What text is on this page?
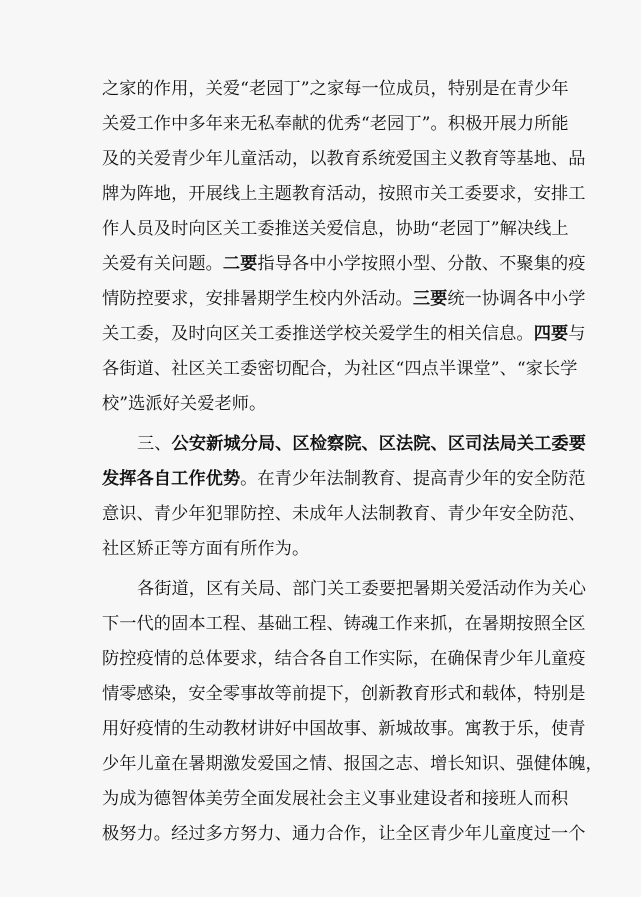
之家的作用，关爱“老园丁”之家每一位成员，特别是在青少年
关爱工作中多年来无私奉献的优秀“老园丁”。积极开展力所能
及的关爱青少年儿童活动，以教育系统爱国主义教育等基地、品
牌为阵地，开展线上主题教育活动，按照市关工委要求，安排工
作人员及时向区关工委推送关爱信息，协助“老园丁”解决线上
关爱有关问题。二要指导各中小学按照小型、分散、不聚集的疫
情防控要求，安排暑期学生校内外活动。三要统一协调各中小学
关工委，及时向区关工委推送学校关爱学生的相关信息。四要与
各街道、社区关工委密切配合，为社区“四点半课堂”、“家长学
校”选派好关爱老师。
三、公安新城分局、区检察院、区法院、区司法局关工委要
发挥各自工作优势。在青少年法制教育、提高青少年的安全防范
意识、青少年犯罪防控、未成年人法制教育、青少年安全防范、
社区矫正等方面有所作为。
各街道，区有关局、部门关工委要把暑期关爱活动作为关心
下一代的固本工程、基础工程、铸魂工作来抓，在暑期按照全区
防控疫情的总体要求，结合各自工作实际，在确保青少年儿童疫
情零感染，安全零事故等前提下，创新教育形式和载体，特别是
用好疫情的生动教材讲好中国故事、新城故事。寓教于乐，使青
少年儿童在暑期激发爱国之情、报国之志、增长知识、强健体魄，
为成为德智体美劳全面发展社会主义事业建设者和接班人而积
极努力。经过多方努力、通力合作，让全区青少年儿童度过一个
